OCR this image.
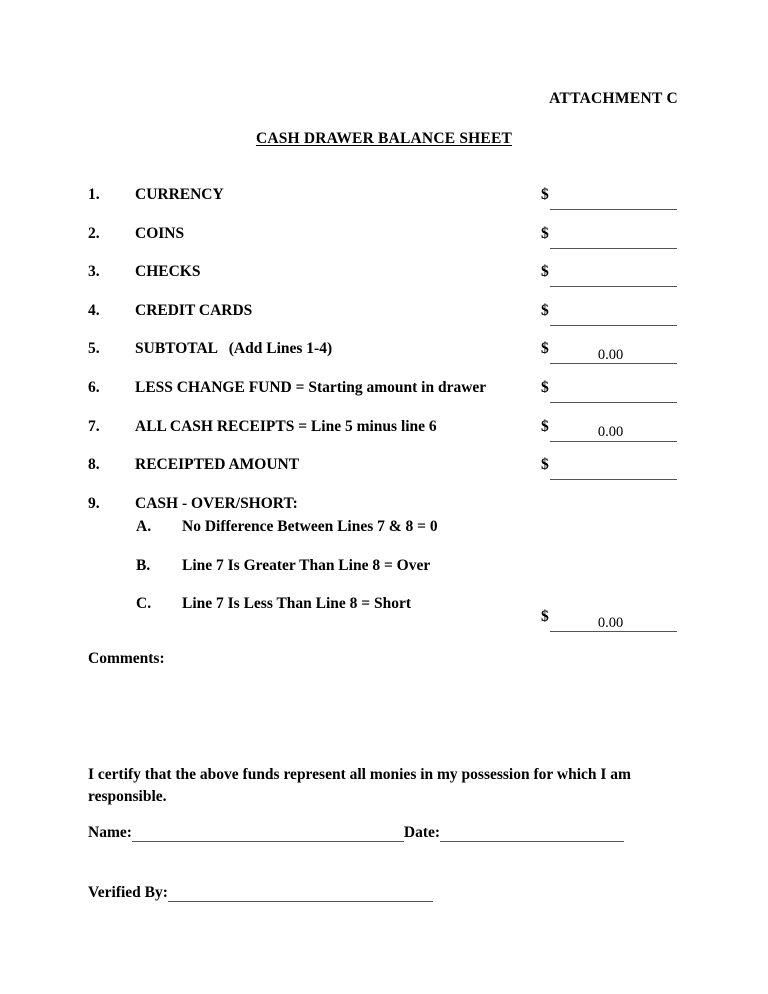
ATTACHMENT C
CASH DRAWER BALANCE SHEET
1. CURRENCY	$
2. COINS	$
3. CHECKS	$
4. CREDIT CARDS	$
5. SUBTOTAL   (Add Lines 1-4)	$	0.00
6. LESS CHANGE FUND = Starting amount in drawer	$
7. ALL CASH RECEIPTS = Line 5 minus line 6	$	0.00
8. RECEIPTED AMOUNT	$
9. CASH - OVER/SHORT:
A. No Difference Between Lines 7 & 8 = 0
B. Line 7 Is Greater Than Line 8 = Over
C. Line 7 Is Less Than Line 8 = Short
$	0.00
Comments:
I certify that the above funds represent all monies in my possession for which I am responsible.
Name:	Date:
Verified By:
